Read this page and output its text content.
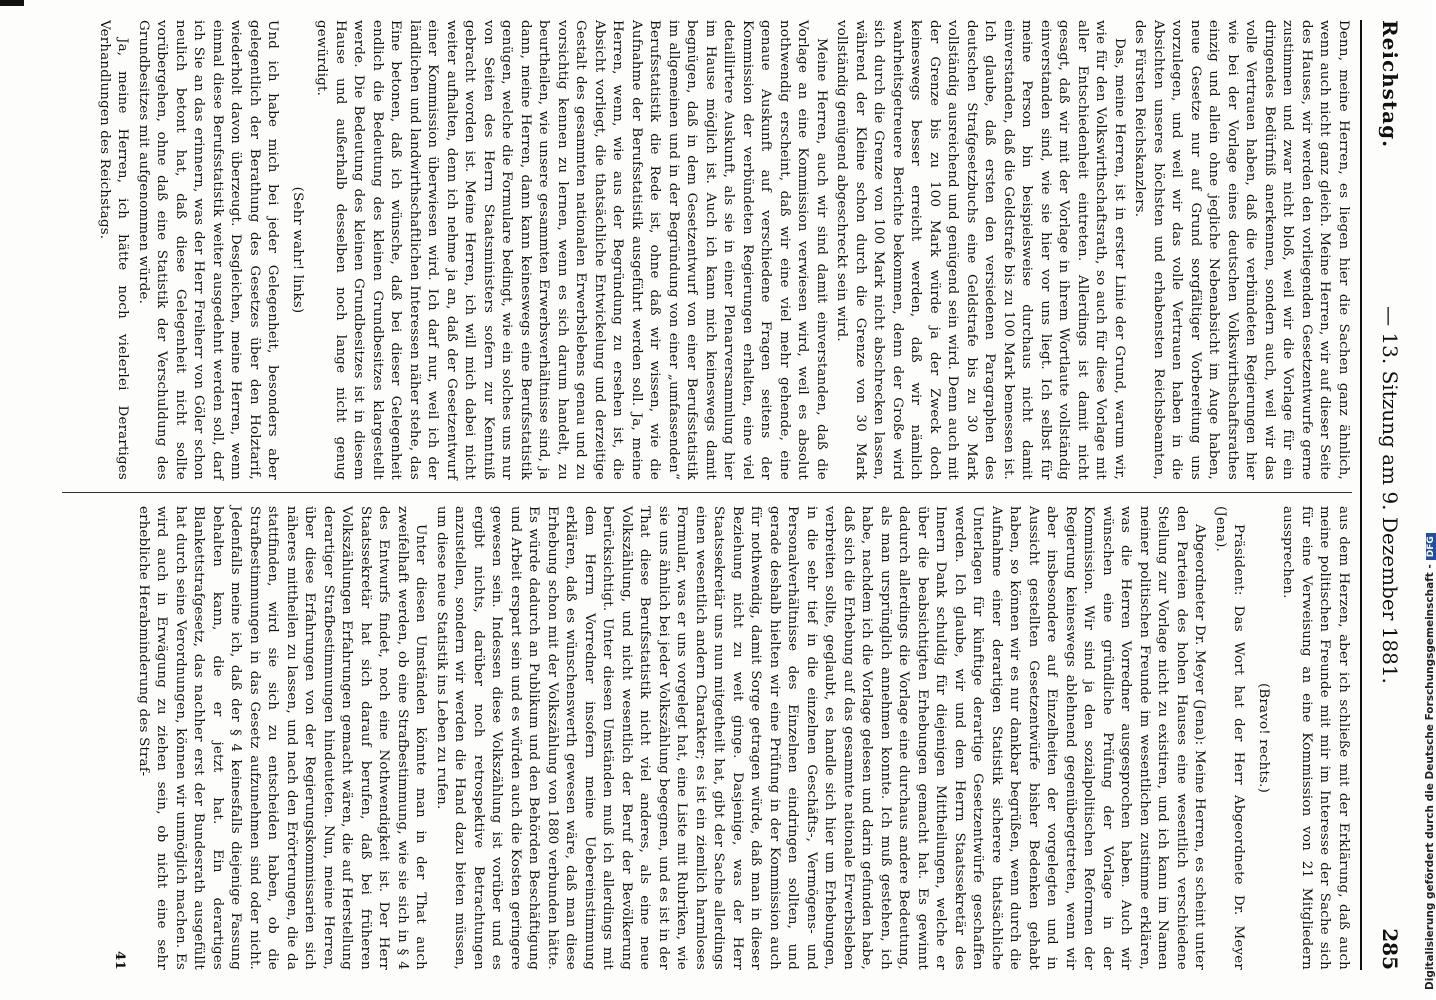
Reichstag.
— 13. Sitzung am 9. Dezember 1881.
285

Denn, meine Herren, es liegen hier die Sachen ganz ähnlich, wenn auch nicht ganz gleich. Meine Herren, wir auf dieser Seite des Hauses, wir werden den vorliegenden Gesetzentwurfe gerne zustimmen und zwar nicht bloß, weil wir die Vorlage für ein dringendes Bedürfniß anerkennen, sondern auch, weil wir das volle Vertrauen haben, daß die verbündeten Regierungen hier wie bei der Vorlage eines deutschen Volkswirthschaftsrathes einzig und allein ohne jegliche Nebenabsicht im Auge haben, neue Gesetze nur auf Grund sorgfältiger Vorbereitung uns vorzulegen, und weil wir das volle Vertrauen haben in die Absichten unseres höchsten und erhabensten Reichsbeamten, des Fürsten Reichskanzlers.

Das, meine Herren, ist in erster Linie der Grund, warum wir, wie für den Volkswirthschaftsrath, so auch für diese Vorlage mit aller Entschiedenheit eintreten. Allerdings ist damit nicht gesagt, daß wir mit der Vorlage in ihrem Wortlaute vollständig einverstanden sind, wie sie hier vor uns liegt. Ich selbst für meine Person bin beispielsweise durchaus nicht damit einverstanden, daß die Geldstrafe bis zu 100 Mark bemessen ist. Ich glaube, daß ersten den versiedenen Paragraphen des deutschen Strafgesetzbuchs eine Geldstrafe bis zu 30 Mark vollständig ausreichend und genügend sein wird. Denn auch mit der Grenze bis zu 100 Mark würde ja der Zweck doch keineswegs besser erreicht werden, daß wir nämlich wahrheitsgetreuere Berichte bekommen, denn der Große wird sich durch die Grenze von 100 Mark nicht abschrecken lassen, während der Kleine schon durch die Grenze von 30 Mark vollständig genügend abgeschreckt sein wird.

Meine Herren, auch wir sind damit einverstanden, daß die Vorlage an eine Kommission verwiesen wird, weil es absolut nothwendig erscheint, daß wir eine viel mehr gehende, eine genaue Auskunft auf verschiedene Fragen seitens der Kommission der verbündeten Regierungen erhalten, eine viel detaillirtere Auskunft, als sie in einer Plenarversammlung hier im Hause möglich ist. Auch ich kann mich keineswegs damit begnügen, daß in dem Gesetzentwurf von einer Berufsstatistik im allgemeinen und in der Begründung von einer „umfassenden“ Berufsstatistik die Rede ist, ohne daß wir wissen, wie die Aufnahme der Berufsstatistik ausgeführt werden soll. Ja, meine Herren, wenn, wie aus der Begründung zu ersehen ist, die Absicht vorliegt, die thatsächliche Entwickelung und derzeitige Gestalt des gesammten nationalen Erwerbslebens genau und zu vorsichtig kennen zu lernen, wenn es sich darum handelt, zu beurtheilen, wie unsere gesammten Erwerbsverhältnisse sind, ja dann, meine Herren, dann kann keineswegs eine Berufsstatistik genügen, welche die Formulare bedingt, wie ein solches uns nur von Seiten des Herrn Staatsministers sofern zur Kenntniß gebracht worden ist. Meine Herren, ich will mich dabei nicht weiter aufhalten, denn ich nehme ja an, daß der Gesetzentwurf einer Kommission überwiesen wird. Ich darf nur, weil ich der ländlichen und landwirthschaftlichen Interessen näher stehe, das Eine betonen, daß ich wünsche, daß bei dieser Gelegenheit endlich die Bedeutung des kleinen Grundbesitzes klargestellt werde. Die Bedeutung des kleinen Grundbesitzes ist in diesem Hause und außerhalb desselben noch lange nicht genug gewürdigt.

(Sehr wahr! links)

Und ich habe mich bei jeder Gelegenheit, besonders aber gelegentlich der Berathung des Gesetzes über den Holztarif, wiederholt davon überzeugt. Desgleichen, meine Herren, wenn einmal diese Berufsstatistik weiter ausgedehnt werden soll, darf ich Sie an das erinnern, was der Herr Freiherr von Göler schon neulich betont hat, daß diese Gelegenheit nicht sollte vorübergehen, ohne daß eine Statistik der Verschuldung des Grundbesitzes mit aufgenommen würde.

Ja, meine Herren, ich hätte noch vielerlei Derartiges Verhandlungen des Reichstags.

aus dem Herzen, aber ich schließe mit der Erklärung, daß auch meine politischen Freunde mit mir im Interesse der Sache sich für eine Verweisung an eine Kommission von 21 Mitgliedern aussprechen.

(Bravo! rechts.)

Präsident: Das Wort hat der Herr Abgeordnete Dr. Meyer (Jena).

Abgeordneter Dr. Meyer (Jena): Meine Herren, es scheint unter den Parteien des hohen Hauses eine wesentlich verschiedene Stellung zur Vorlage nicht zu existiren, und ich kann im Namen meiner politischen Freunde im wesentlichen zustimme erklären, was die Herren Vorredner ausgesprochen haben. Auch wir wünschen eine gründliche Prüfung der Vorlage in der Kommission. Wir sind ja den sozialpolitischen Reformen der Regierung keineswegs ablehnend gegenübergetreten, wenn wir aber insbesondere auf Einzelheiten der vorgelegten und in Aussicht gestellten Gesetzentwürfe bisher Bedenken gehabt haben, so können wir es nur dankbar begrüßen, wenn durch die Aufnahme einer derartigen Statistik sicherere thatsächliche Unterlagen für künftige derartige Gesetzentwürfe geschaffen werden. Ich glaube, wir und dem Herrn Staatssekretär des Innern Dank schuldig für diejenigen Mittheilungen, welche er über die beabsichtigten Erhebungen gemacht hat. Es gewinnt dadurch allerdings die Vorlage eine durchaus andere Bedeutung, als man ursprünglich annehmen konnte. Ich muß gestehen, ich habe, nachdem ich die Vorlage gelesen und darin gefunden habe, daß sich die Erhebung auf das gesammte nationale Erwerbsleben verbreiten sollte, geglaubt, es handle sich hier um Erhebungen, in die sehr tief in die einzelnen Geschäfts-, Vermögens- und Personalverhältnisse des Einzelnen eindringen sollten, und gerade deshalb hielten wir eine Prüfung in der Kommission auch für nothwendig, damit Sorge getragen würde, daß man in dieser Beziehung nicht zu weit ginge. Dasjenige, was der Herr Staatssekretär uns nun mitgetheilt hat, gibt der Sache allerdings einen wesentlich andern Charakter; es ist ein ziemlich harmloses Formular, was er uns vorgelegt hat, eine Liste mit Rubriken, wie sie uns ähnlich bei jeder Volkszählung begegnen, und es ist in der That diese Berufsstatistik nicht viel anderes, als eine neue Volkszählung, und nicht wesentlich der Beruf der Bevölkerung berücksichtigt. Unter diesen Umständen muß ich allerdings mit dem Herrn Vorredner insofern meine Uebereinstimmung erklären, daß es wünschenswerth gewesen wäre, daß man diese Erhebung schon mit der Volkszählung von 1880 verbunden hätte. Es würde dadurch an Publikum und den Behörden Beschäftigung und Arbeit erspart sein und es würden auch die Kosten geringere gewesen sein. Indessen diese Volkszählung ist vorüber und es ergibt nichts, darüber noch retrospektive Betrachtungen anzustellen, sondern wir werden die Hand dazu bieten müssen, um diese neue Statistik ins Leben zu rufen.

Unter diesen Umständen könnte man in der That auch zweifelhaft werden, ob eine Strafbestimmung, wie sie sich in § 4 des Entwurfs findet, noch eine Nothwendigkeit ist. Der Herr Staatssekretär hat sich darauf berufen, daß bei früheren Volkszählungen Erfahrungen gemacht wären, die auf Herstellung derartiger Strafbestimmungen hindeuteten. Nun, meine Herren, über diese Erfahrungen von der Regierungskommissarien sich näheres mittheilen zu lassen, und nach den Erörterungen, die da stattfinden, wird sie sich zu entscheiden haben, ob die Strafbestimmungen in das Gesetz aufzunehmen sind oder nicht. Jedenfalls meine ich, daß der § 4 keinesfalls diejenige Fassung behalten kann, die er jetzt hat. Ein derartiges Blankettstrafgesetz, das nachher erst der Bundesrath ausgefüllt hat durch seine Verordnungen, können wir unmöglich machen. Es wird auch in Erwägung zu ziehen sein, ob nicht eine sehr erhebliche Herabminderung des Straf-

41	Digitalisierung gefördert durch die Deutsche Forschungsgemeinschaft -DFG
